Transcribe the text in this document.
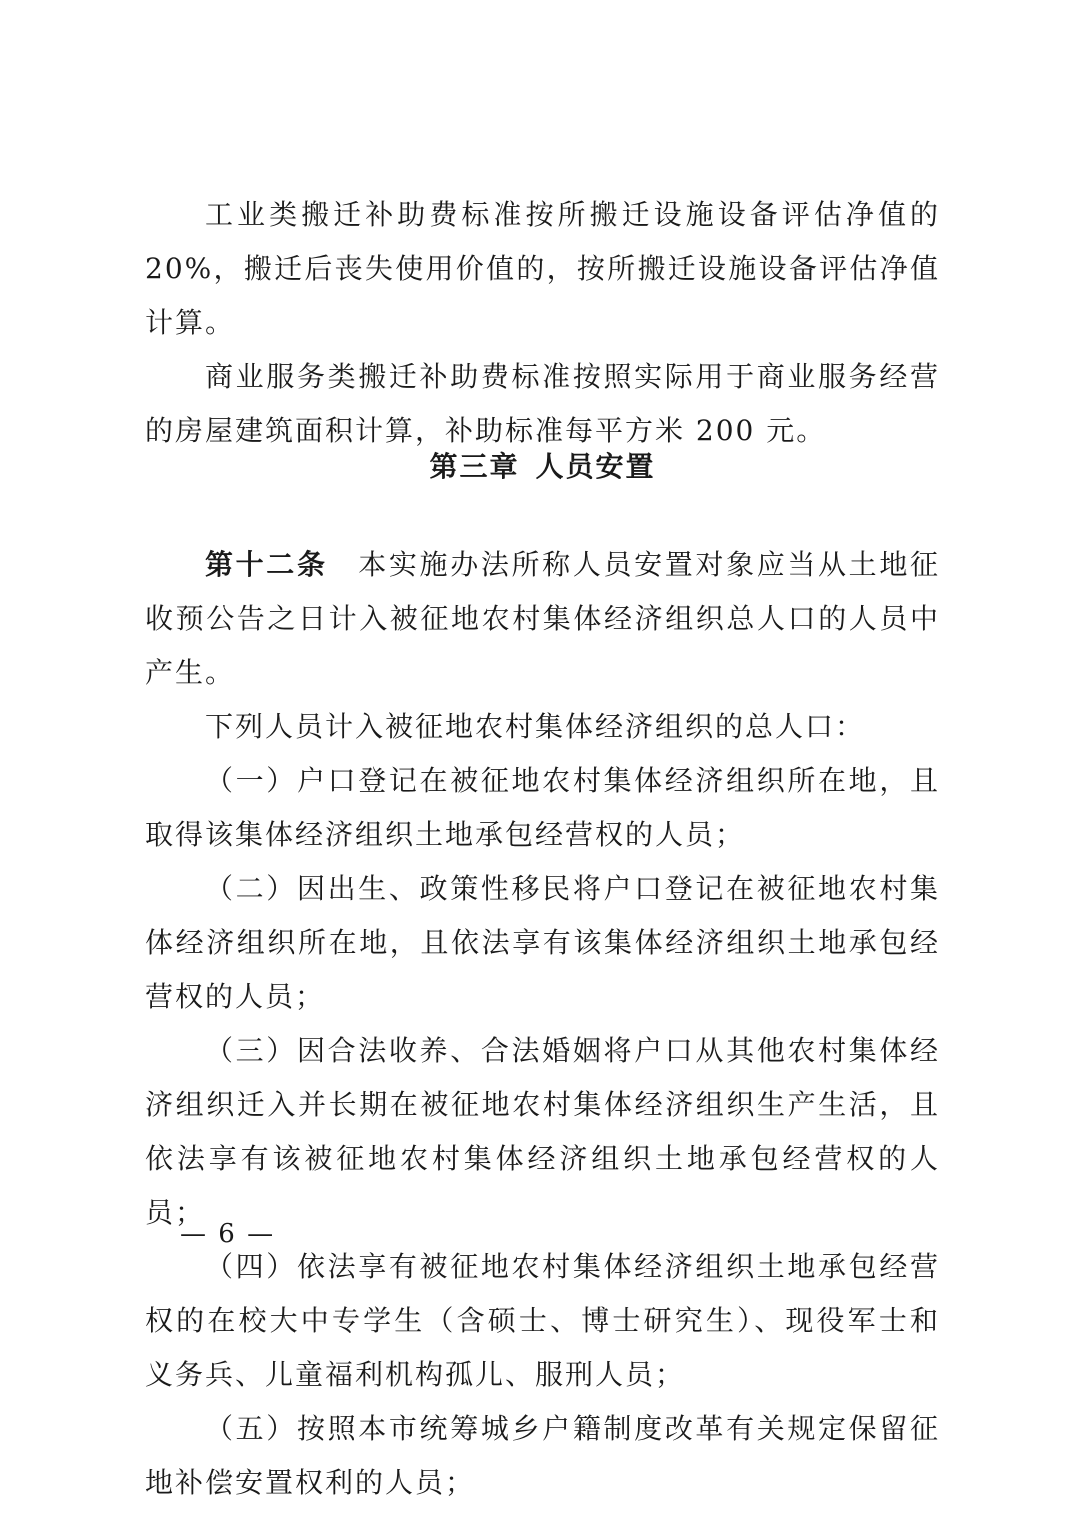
工业类搬迁补助费标准按所搬迁设施设备评估净值的 20%，搬迁后丧失使用价值的，按所搬迁设施设备评估净值计算。

商业服务类搬迁补助费标准按照实际用于商业服务经营的房屋建筑面积计算，补助标准每平方米 200 元。

第三章 人员安置

第十二条 本实施办法所称人员安置对象应当从土地征收预公告之日计入被征地农村集体经济组织总人口的人员中产生。

下列人员计入被征地农村集体经济组织的总人口：

（一）户口登记在被征地农村集体经济组织所在地，且取得该集体经济组织土地承包经营权的人员；

（二）因出生、政策性移民将户口登记在被征地农村集体经济组织所在地，且依法享有该集体经济组织土地承包经营权的人员；

（三）因合法收养、合法婚姻将户口从其他农村集体经济组织迁入并长期在被征地农村集体经济组织生产生活，且依法享有该被征地农村集体经济组织土地承包经营权的人员；

（四）依法享有被征地农村集体经济组织土地承包经营权的在校大中专学生（含硕士、博士研究生）、现役军士和义务兵、儿童福利机构孤儿、服刑人员；

（五）按照本市统筹城乡户籍制度改革有关规定保留征地补偿安置权利的人员；

— 6 —
